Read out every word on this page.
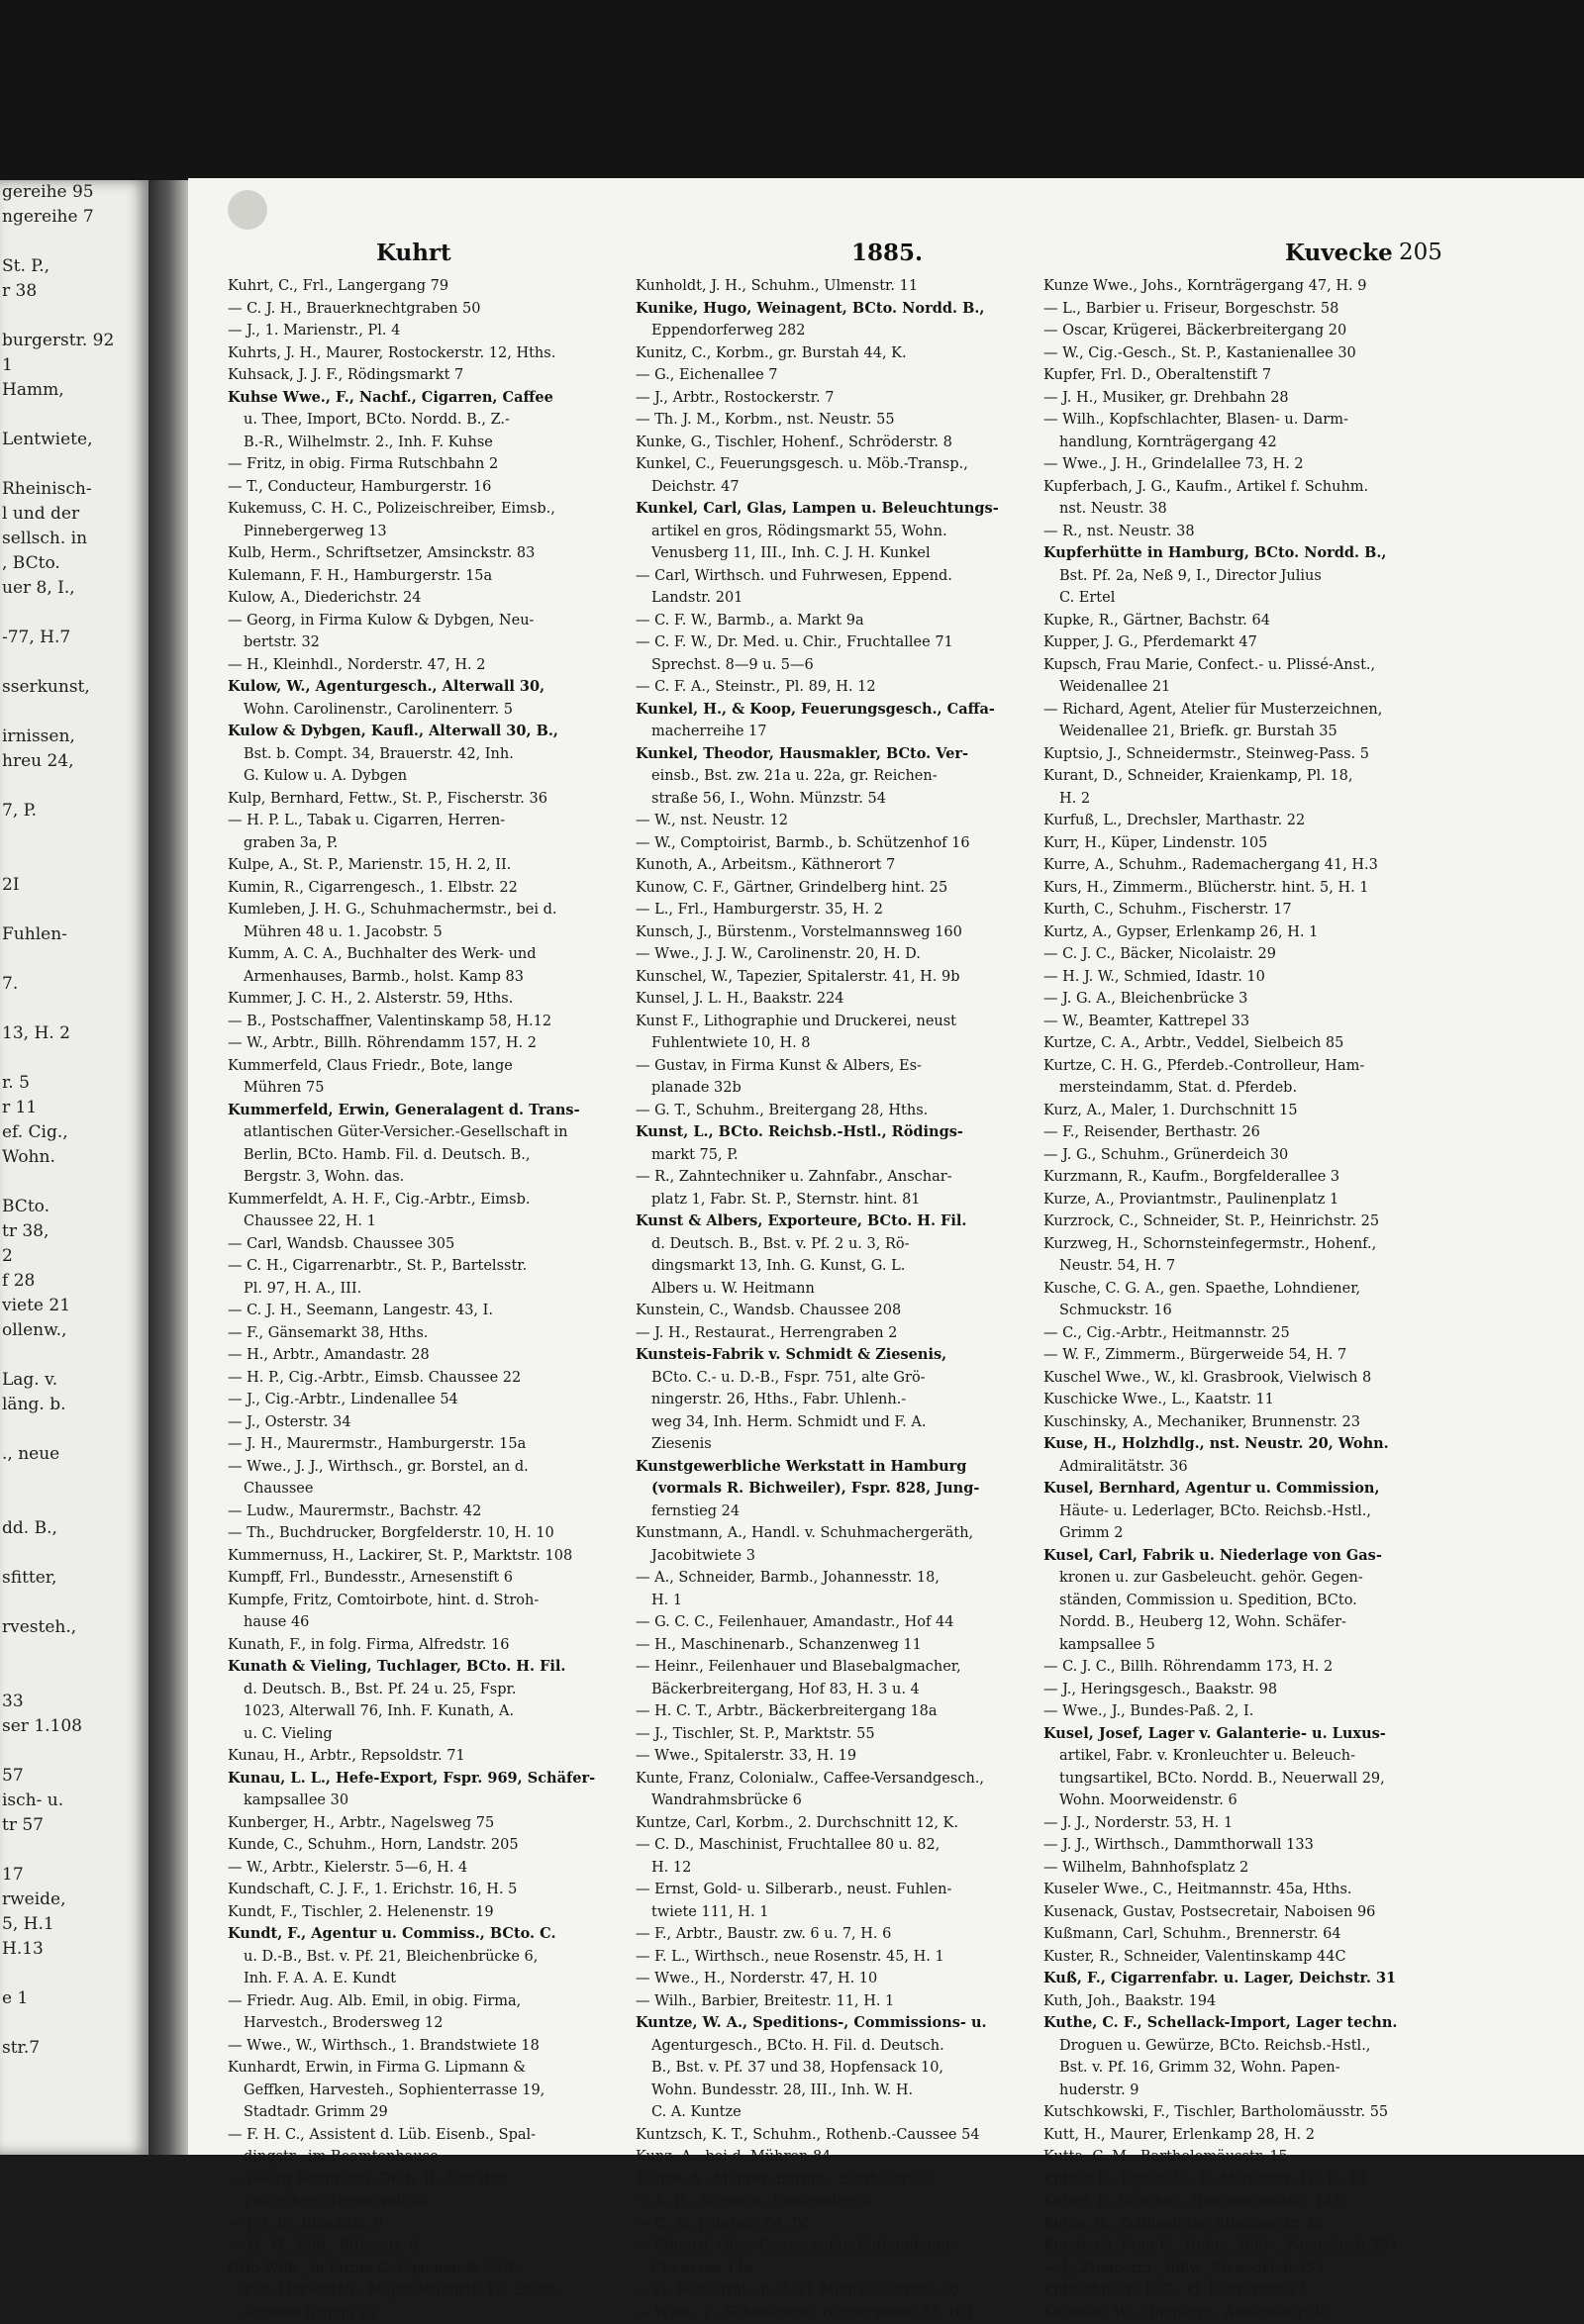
gereihe 95
ngereihe 7

St. P.,
r 38

burgerstr. 92
1
Hamm,

Lentwiete,

Rheinisch-
l und der
sellsch. in
, BCto.
uer 8, I.,

-77, H.7

sserkunst,

irnissen,
hreu 24,

7, P.

2I

Fuhlen-

7.

13, H. 2

r. 5
r 11
ef. Cig.,
Wohn.

BCto.
tr 38,
2
f 28
viete 21
ollenw.,

Lag. v.
läng. b.

., neue

dd. B.,

sfitter,

rvesteh.,

33
ser 1.108

57
isch- u.
tr 57

17
rweide,
5, H.1
H.13

e 1

str.7
Kuhrt	1885.	Kuvecke 205
Kuhrt, C., Frl., Langergang 79
— C. J. H., Brauerknechtgraben 50
— J., 1. Marienstr., Pl. 4
Kuhrts, J. H., Maurer, Rostockerstr. 12, Hths.
Kuhsack, J. J. F., Rödingsmarkt 7
Kuhse Wwe., F., Nachf., Cigarren, Caffee
u. Thee, Import, BCto. Nordd. B., Z.-
B.-R., Wilhelmstr. 2., Inh. F. Kuhse
— Fritz, in obig. Firma Rutschbahn 2
— T., Conducteur, Hamburgerstr. 16
Kukemuss, C. H. C., Polizeischreiber, Eimsb.,
Pinnebergerweg 13
Kulb, Herm., Schriftsetzer, Amsinckstr. 83
Kulemann, F. H., Hamburgerstr. 15a
Kulow, A., Diederichstr. 24
— Georg, in Firma Kulow & Dybgen, Neu-
bertstr. 32
— H., Kleinhdl., Norderstr. 47, H. 2
Kulow, W., Agenturgesch., Alterwall 30,
Wohn. Carolinenstr., Carolinenterr. 5
Kulow & Dybgen, Kaufl., Alterwall 30, B.,
Bst. b. Compt. 34, Brauerstr. 42, Inh.
G. Kulow u. A. Dybgen
Kulp, Bernhard, Fettw., St. P., Fischerstr. 36
— H. P. L., Tabak u. Cigarren, Herren-
graben 3a, P.
Kulpe, A., St. P., Marienstr. 15, H. 2, II.
Kumin, R., Cigarrengesch., 1. Elbstr. 22
Kumleben, J. H. G., Schuhmachermstr., bei d.
Mühren 48 u. 1. Jacobstr. 5
Kumm, A. C. A., Buchhalter des Werk- und
Armenhauses, Barmb., holst. Kamp 83
Kummer, J. C. H., 2. Alsterstr. 59, Hths.
— B., Postschaffner, Valentinskamp 58, H.12
— W., Arbtr., Billh. Röhrendamm 157, H. 2
Kummerfeld, Claus Friedr., Bote, lange
Mühren 75
Kummerfeld, Erwin, Generalagent d. Trans-
atlantischen Güter-Versicher.-Gesellschaft in
Berlin, BCto. Hamb. Fil. d. Deutsch. B.,
Bergstr. 3, Wohn. das.
Kummerfeldt, A. H. F., Cig.-Arbtr., Eimsb.
Chaussee 22, H. 1
— Carl, Wandsb. Chaussee 305
— C. H., Cigarrenarbtr., St. P., Bartelsstr.
Pl. 97, H. A., III.
— C. J. H., Seemann, Langestr. 43, I.
— F., Gänsemarkt 38, Hths.
— H., Arbtr., Amandastr. 28
— H. P., Cig.-Arbtr., Eimsb. Chaussee 22
— J., Cig.-Arbtr., Lindenallee 54
— J., Osterstr. 34
— J. H., Maurermstr., Hamburgerstr. 15a
— Wwe., J. J., Wirthsch., gr. Borstel, an d.
Chaussee
— Ludw., Maurermstr., Bachstr. 42
— Th., Buchdrucker, Borgfelderstr. 10, H. 10
Kummernuss, H., Lackirer, St. P., Marktstr. 108
Kumpff, Frl., Bundesstr., Arnesenstift 6
Kumpfe, Fritz, Comtoirbote, hint. d. Stroh-
hause 46
Kunath, F., in folg. Firma, Alfredstr. 16
Kunath & Vieling, Tuchlager, BCto. H. Fil.
d. Deutsch. B., Bst. Pf. 24 u. 25, Fspr.
1023, Alterwall 76, Inh. F. Kunath, A.
u. C. Vieling
Kunau, H., Arbtr., Repsoldstr. 71
Kunau, L. L., Hefe-Export, Fspr. 969, Schäfer-
kampsallee 30
Kunberger, H., Arbtr., Nagelsweg 75
Kunde, C., Schuhm., Horn, Landstr. 205
— W., Arbtr., Kielerstr. 5—6, H. 4
Kundschaft, C. J. F., 1. Erichstr. 16, H. 5
Kundt, F., Tischler, 2. Helenenstr. 19
Kundt, F., Agentur u. Commiss., BCto. C.
u. D.-B., Bst. v. Pf. 21, Bleichenbrücke 6,
Inh. F. A. A. E. Kundt
— Friedr. Aug. Alb. Emil, in obig. Firma,
Harvestch., Brodersweg 12
— Wwe., W., Wirthsch., 1. Brandstwiete 18
Kunhardt, Erwin, in Firma G. Lipmann &
Geffken, Harvesteh., Sophienterrasse 19,
Stadtadr. Grimm 29
— F. H. C., Assistent d. Lüb. Eisenb., Spal-
dingstr., im Beamtenhause
— Georg Ferdinand, Dr. b. R., Senator,
Polizeiherr, Neuerwall 86
— Frl. E., Büschstr. 6
— M. W., Eilb., Ritterstr. 6
Otto Wilh., in Firma G. Lipmann & Geff-
ken, Harvesteh., Magdalenenstr. 12, Stadt-
adresse Grimm 29
Kunholdt, J. H., Schuhm., Ulmenstr. 11
Kunike, Hugo, Weinagent, BCto. Nordd. B.,
Eppendorferweg 282
Kunitz, C., Korbm., gr. Burstah 44, K.
— G., Eichenallee 7
— J., Arbtr., Rostockerstr. 7
— Th. J. M., Korbm., nst. Neustr. 55
Kunke, G., Tischler, Hohenf., Schröderstr. 8
Kunkel, C., Feuerungsgesch. u. Möb.-Transp.,
Deichstr. 47
Kunkel, Carl, Glas, Lampen u. Beleuchtungs-
artikel en gros, Rödingsmarkt 55, Wohn.
Venusberg 11, III., Inh. C. J. H. Kunkel
— Carl, Wirthsch. und Fuhrwesen, Eppend.
Landstr. 201
— C. F. W., Barmb., a. Markt 9a
— C. F. W., Dr. Med. u. Chir., Fruchtallee 71
Sprechst. 8—9 u. 5—6
— C. F. A., Steinstr., Pl. 89, H. 12
Kunkel, H., & Koop, Feuerungsgesch., Caffa-
macherreihe 17
Kunkel, Theodor, Hausmakler, BCto. Ver-
einsb., Bst. zw. 21a u. 22a, gr. Reichen-
straße 56, I., Wohn. Münzstr. 54
— W., nst. Neustr. 12
— W., Comptoirist, Barmb., b. Schützenhof 16
Kunoth, A., Arbeitsm., Käthnerort 7
Kunow, C. F., Gärtner, Grindelberg hint. 25
— L., Frl., Hamburgerstr. 35, H. 2
Kunsch, J., Bürstenm., Vorstelmannsweg 160
— Wwe., J. J. W., Carolinenstr. 20, H. D.
Kunschel, W., Tapezier, Spitalerstr. 41, H. 9b
Kunsel, J. L. H., Baakstr. 224
Kunst F., Lithographie und Druckerei, neust
Fuhlentwiete 10, H. 8
— Gustav, in Firma Kunst & Albers, Es-
planade 32b
— G. T., Schuhm., Breitergang 28, Hths.
Kunst, L., BCto. Reichsb.-Hstl., Rödings-
markt 75, P.
— R., Zahntechniker u. Zahnfabr., Anschar-
platz 1, Fabr. St. P., Sternstr. hint. 81
Kunst & Albers, Exporteure, BCto. H. Fil.
d. Deutsch. B., Bst. v. Pf. 2 u. 3, Rö-
dingsmarkt 13, Inh. G. Kunst, G. L.
Albers u. W. Heitmann
Kunstein, C., Wandsb. Chaussee 208
— J. H., Restaurat., Herrengraben 2
Kunsteis-Fabrik v. Schmidt & Ziesenis,
BCto. C.- u. D.-B., Fspr. 751, alte Grö-
ningerstr. 26, Hths., Fabr. Uhlenh.-
weg 34, Inh. Herm. Schmidt und F. A.
Ziesenis
Kunstgewerbliche Werkstatt in Hamburg
(vormals R. Bichweiler), Fspr. 828, Jung-
fernstieg 24
Kunstmann, A., Handl. v. Schuhmachergeräth,
Jacobitwiete 3
— A., Schneider, Barmb., Johannesstr. 18,
H. 1
— G. C. C., Feilenhauer, Amandastr., Hof 44
— H., Maschinenarb., Schanzenweg 11
— Heinr., Feilenhauer und Blasebalgmacher,
Bäckerbreitergang, Hof 83, H. 3 u. 4
— H. C. T., Arbtr., Bäckerbreitergang 18a
— J., Tischler, St. P., Marktstr. 55
— Wwe., Spitalerstr. 33, H. 19
Kunte, Franz, Colonialw., Caffee-Versandgesch.,
Wandrahmsbrücke 6
Kuntze, Carl, Korbm., 2. Durchschnitt 12, K.
— C. D., Maschinist, Fruchtallee 80 u. 82,
H. 12
— Ernst, Gold- u. Silberarb., neust. Fuhlen-
twiete 111, H. 1
— F., Arbtr., Baustr. zw. 6 u. 7, H. 6
— F. L., Wirthsch., neue Rosenstr. 45, H. 1
— Wwe., H., Norderstr. 47, H. 10
— Wilh., Barbier, Breitestr. 11, H. 1
Kuntze, W. A., Speditions-, Commissions- u.
Agenturgesch., BCto. H. Fil. d. Deutsch.
B., Bst. v. Pf. 37 und 38, Hopfensack 10,
Wohn. Bundesstr. 28, III., Inh. W. H.
C. A. Kuntze
Kuntzsch, K. T., Schuhm., Rothenb.-Caussee 54
Kunz, A., bei d. Mühren 84
Kunze, A., Maurer, Barmb., Berthastr. 32
— A. H., Schuhm., Lindenallee 5
— C. A., Peterstr. 64, IV.
— Eduard, Ober-Postsecretär, Rothenbaum-
Chaussee 14a
— F., Restaurat., b. d. kl. Michaeliskirche 30
— Wwe., F., Schneiderin, Bürgerweide 53, H.1
Kunze Wwe., Johs., Kornträgergang 47, H. 9
— L., Barbier u. Friseur, Borgeschstr. 58
— Oscar, Krügerei, Bäckerbreitergang 20
— W., Cig.-Gesch., St. P., Kastanienallee 30
Kupfer, Frl. D., Oberaltenstift 7
— J. H., Musiker, gr. Drehbahn 28
— Wilh., Kopfschlachter, Blasen- u. Darm-
handlung, Kornträgergang 42
— Wwe., J. H., Grindelallee 73, H. 2
Kupferbach, J. G., Kaufm., Artikel f. Schuhm.
nst. Neustr. 38
— R., nst. Neustr. 38
Kupferhütte in Hamburg, BCto. Nordd. B.,
Bst. Pf. 2a, Neß 9, I., Director Julius
C. Ertel
Kupke, R., Gärtner, Bachstr. 64
Kupper, J. G., Pferdemarkt 47
Kupsch, Frau Marie, Confect.- u. Plissé-Anst.,
Weidenallee 21
— Richard, Agent, Atelier für Musterzeichnen,
Weidenallee 21, Briefk. gr. Burstah 35
Kuptsio, J., Schneidermstr., Steinweg-Pass. 5
Kurant, D., Schneider, Kraienkamp, Pl. 18,
H. 2
Kurfuß, L., Drechsler, Marthastr. 22
Kurr, H., Küper, Lindenstr. 105
Kurre, A., Schuhm., Rademachergang 41, H.3
Kurs, H., Zimmerm., Blücherstr. hint. 5, H. 1
Kurth, C., Schuhm., Fischerstr. 17
Kurtz, A., Gypser, Erlenkamp 26, H. 1
— C. J. C., Bäcker, Nicolaistr. 29
— H. J. W., Schmied, Idastr. 10
— J. G. A., Bleichenbrücke 3
— W., Beamter, Kattrepel 33
Kurtze, C. A., Arbtr., Veddel, Sielbeich 85
Kurtze, C. H. G., Pferdeb.-Controlleur, Ham-
mersteindamm, Stat. d. Pferdeb.
Kurz, A., Maler, 1. Durchschnitt 15
— F., Reisender, Berthastr. 26
— J. G., Schuhm., Grünerdeich 30
Kurzmann, R., Kaufm., Borgfelderallee 3
Kurze, A., Proviantmstr., Paulinenplatz 1
Kurzrock, C., Schneider, St. P., Heinrichstr. 25
Kurzweg, H., Schornsteinfegermstr., Hohenf.,
Neustr. 54, H. 7
Kusche, C. G. A., gen. Spaethe, Lohndiener,
Schmuckstr. 16
— C., Cig.-Arbtr., Heitmannstr. 25
— W. F., Zimmerm., Bürgerweide 54, H. 7
Kuschel Wwe., W., kl. Grasbrook, Vielwisch 8
Kuschicke Wwe., L., Kaatstr. 11
Kuschinsky, A., Mechaniker, Brunnenstr. 23
Kuse, H., Holzhdlg., nst. Neustr. 20, Wohn.
Admiralitätstr. 36
Kusel, Bernhard, Agentur u. Commission,
Häute- u. Lederlager, BCto. Reichsb.-Hstl.,
Grimm 2
Kusel, Carl, Fabrik u. Niederlage von Gas-
kronen u. zur Gasbeleucht. gehör. Gegen-
ständen, Commission u. Spedition, BCto.
Nordd. B., Heuberg 12, Wohn. Schäfer-
kampsallee 5
— C. J. C., Billh. Röhrendamm 173, H. 2
— J., Heringsgesch., Baakstr. 98
— Wwe., J., Bundes-Paß. 2, I.
Kusel, Josef, Lager v. Galanterie- u. Luxus-
artikel, Fabr. v. Kronleuchter u. Beleuch-
tungsartikel, BCto. Nordd. B., Neuerwall 29,
Wohn. Moorweidenstr. 6
— J. J., Norderstr. 53, H. 1
— J. J., Wirthsch., Dammthorwall 133
— Wilhelm, Bahnhofsplatz 2
Kuseler Wwe., C., Heitmannstr. 45a, Hths.
Kusenack, Gustav, Postsecretair, Naboisen 96
Kußmann, Carl, Schuhm., Brennerstr. 64
Kuster, R., Schneider, Valentinskamp 44C
Kuß, F., Cigarrenfabr. u. Lager, Deichstr. 31
Kuth, Joh., Baakstr. 194
Kuthe, C. F., Schellack-Import, Lager techn.
Droguen u. Gewürze, BCto. Reichsb.-Hstl.,
Bst. v. Pf. 16, Grimm 32, Wohn. Papen-
huderstr. 9
Kutschkowski, F., Tischler, Bartholomäusstr. 55
Kutt, H., Maurer, Erlenkamp 28, H. 2
Kutta, C. M., Bartholomäusstr. 15
Kutter, F., Töpfer, St. P., Marienstr. 18, H. 13
Kutter, P., Schuhm., Hammerlandstr. 122
Kutze, G., Zollbeamter, Altonaerstr. 22
Kutzbach, Frau C., Hollw., Billw., Neuedeich 354
— J., Zimmerm., Billw., Neuedeich 354
Kutzschbach, F. C., kl. Bäckerstr. 27
Kuvecke, W., Zimmerm., Amandastr. 46
